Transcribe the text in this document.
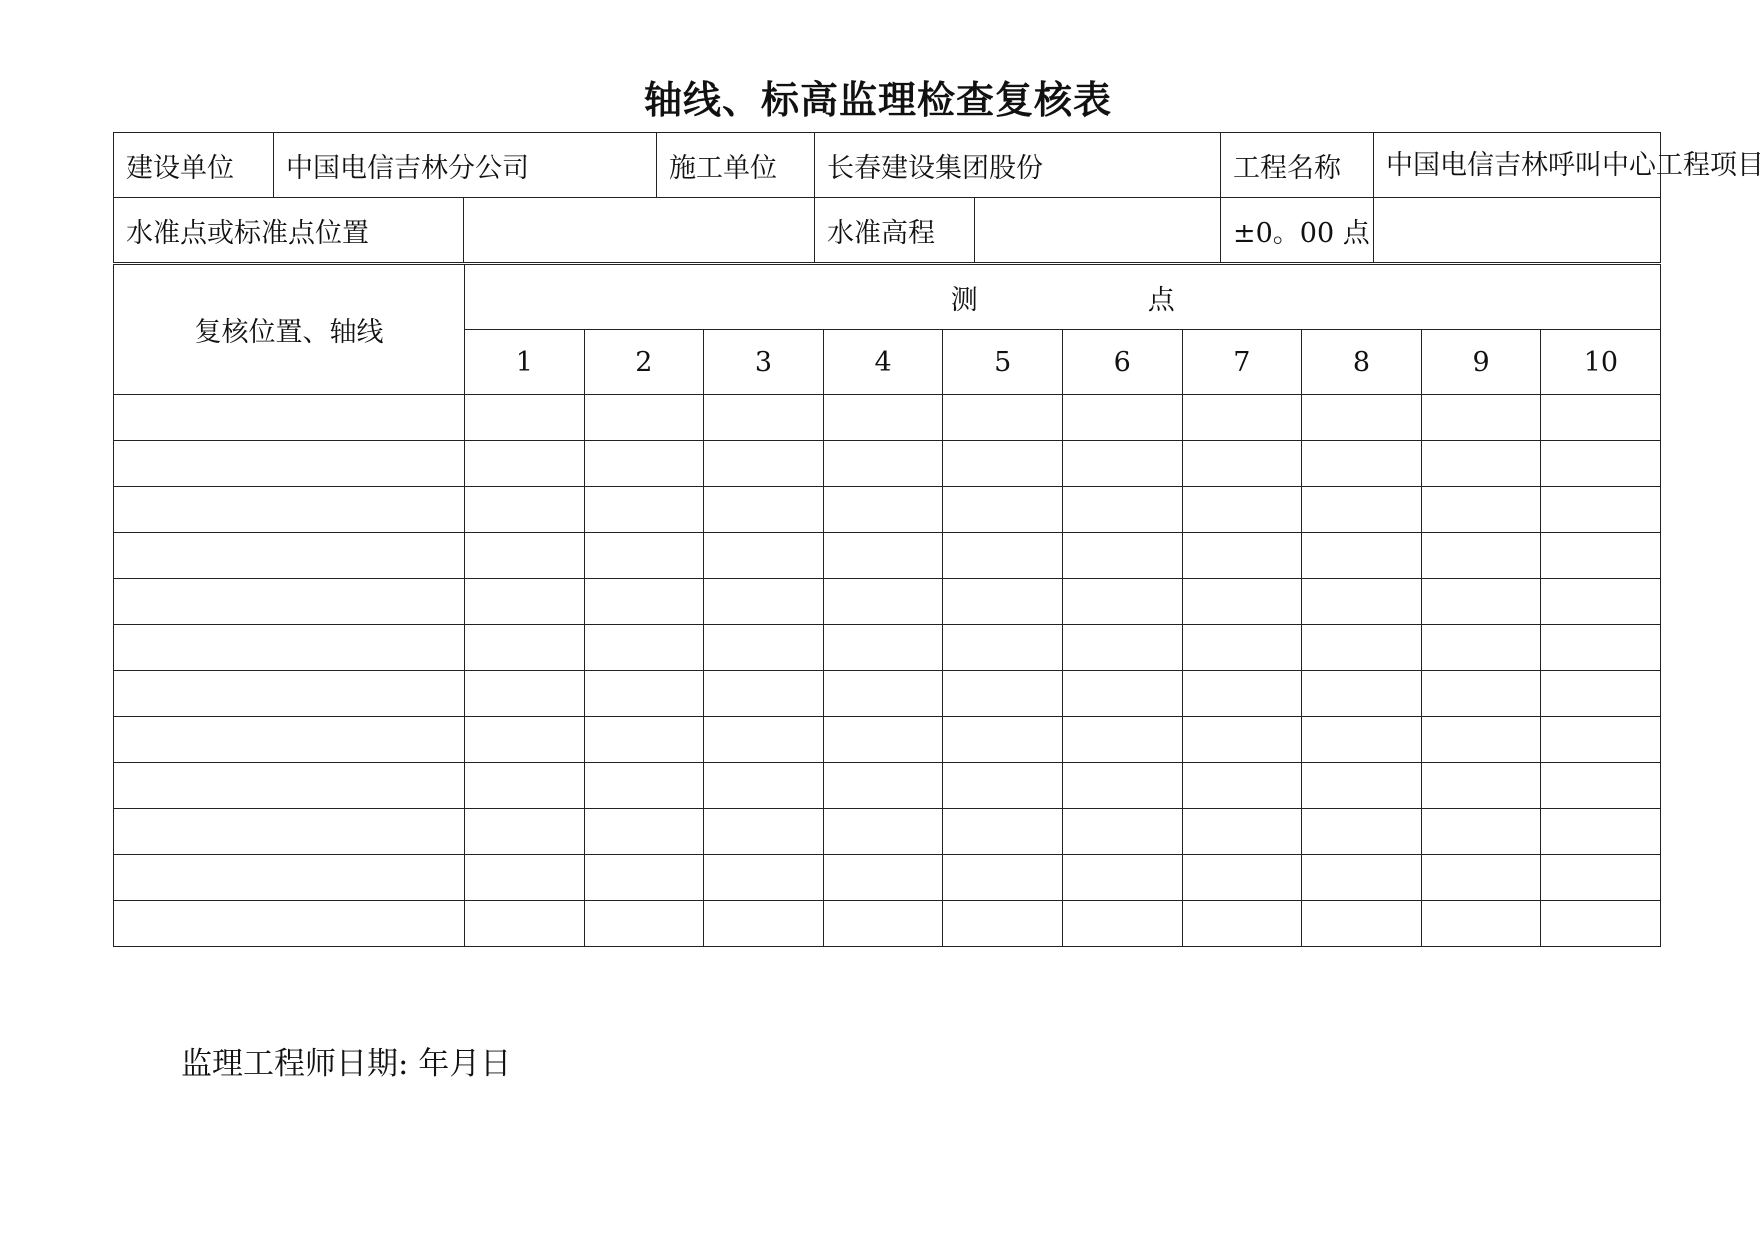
轴线、标高监理检查复核表
建设单位	中国电信吉林分公司		施工单位	长春建设集团股份		工程名称	中国电信吉林呼叫中心工程项目
水准点或标准点位置				水准高程		±0。00 点	
复核位置、轴线	测 点									
	1	2	3	4	5	6	7	8	9	10

监理工程师日期: 年月日
